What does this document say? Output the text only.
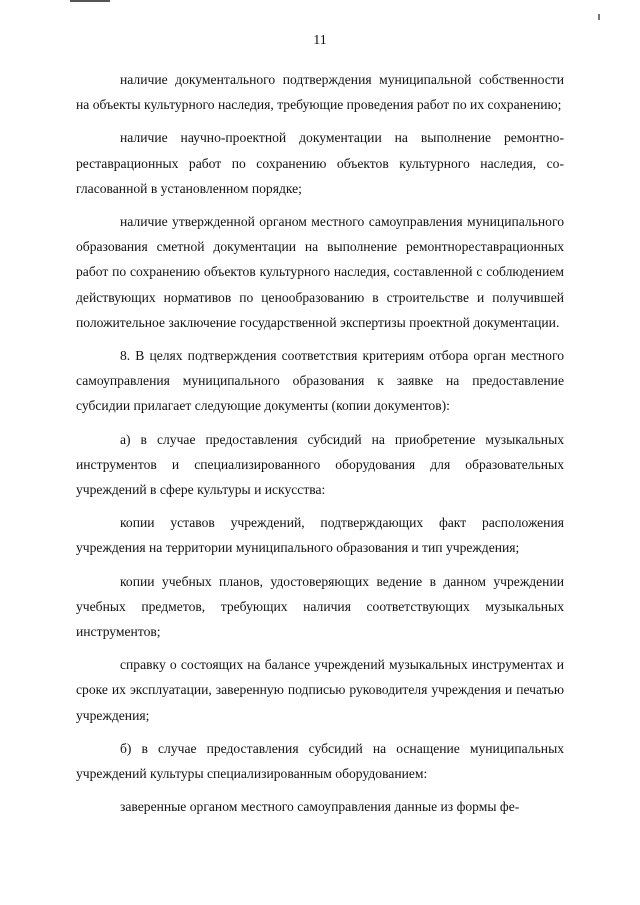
11

наличие документального подтверждения муниципальной собственности на объекты культурного наследия, требующие проведения работ по их сохранению;

наличие научно-проектной документации на выполнение ремонтнореставрационных работ по сохранению объектов культурного наследия, согласованной в установленном порядке;

наличие утвержденной органом местного самоуправления муниципального образования сметной документации на выполнение ремонтнореставрационных работ по сохранению объектов культурного наследия, составленной с соблюдением действующих нормативов по ценообразованию в строительстве и получившей положительное заключение государственной экспертизы проектной документации.

8. В целях подтверждения соответствия критериям отбора орган местного самоуправления муниципального образования к заявке на предоставление субсидии прилагает следующие документы (копии документов):

а) в случае предоставления субсидий на приобретение музыкальных инструментов и специализированного оборудования для образовательных учреждений в сфере культуры и искусства:

копии уставов учреждений, подтверждающих факт расположения учреждения на территории муниципального образования и тип учреждения;

копии учебных планов, удостоверяющих ведение в данном учреждении учебных предметов, требующих наличия соответствующих музыкальных инструментов;

справку о состоящих на балансе учреждений музыкальных инструментах и сроке их эксплуатации, заверенную подписью руководителя учреждения и печатью учреждения;

б) в случае предоставления субсидий на оснащение муниципальных учреждений культуры специализированным оборудованием:

заверенные органом местного самоуправления данные из формы фе-
